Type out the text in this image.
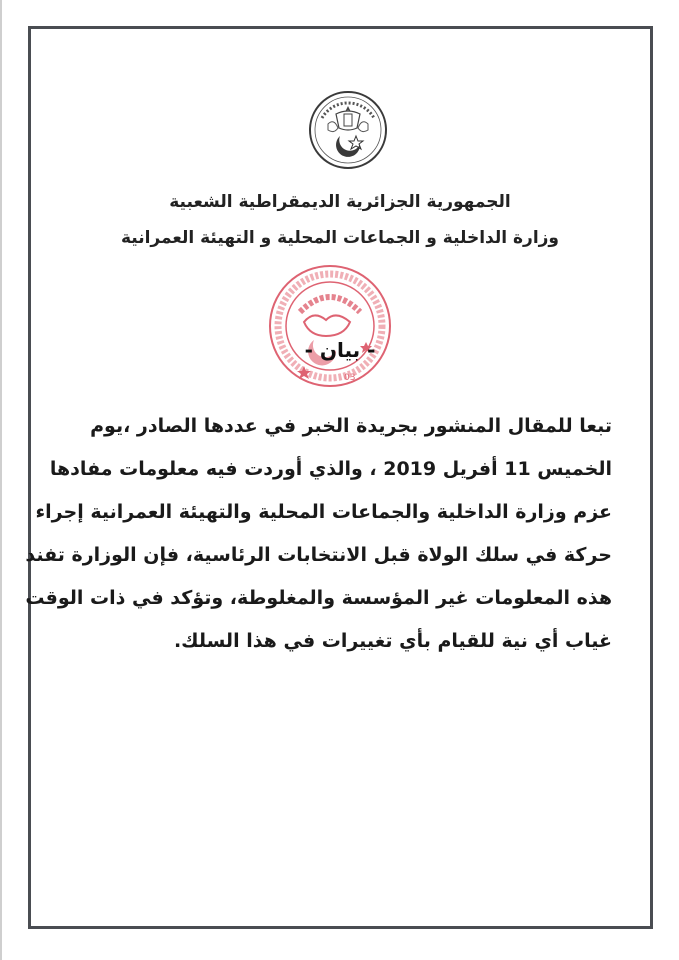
الجمهورية الجزائرية الديمقراطية الشعبية
وزارة الداخلية و الجماعات المحلية و التهيئة العمرانية
03
- بيان -
تبعا للمقال المنشور بجريدة الخبر في عددها الصادر ،يوم
الخميس 11 أفريل 2019 ، والذي أوردت فيه معلومات مفادها
عزم وزارة الداخلية والجماعات المحلية والتهيئة العمرانية إجراء
حركة في سلك الولاة قبل الانتخابات الرئاسية، فإن الوزارة تفند
هذه المعلومات غير المؤسسة والمغلوطة، وتؤكد في ذات الوقت
غياب أي نية للقيام بأي تغييرات في هذا السلك.
